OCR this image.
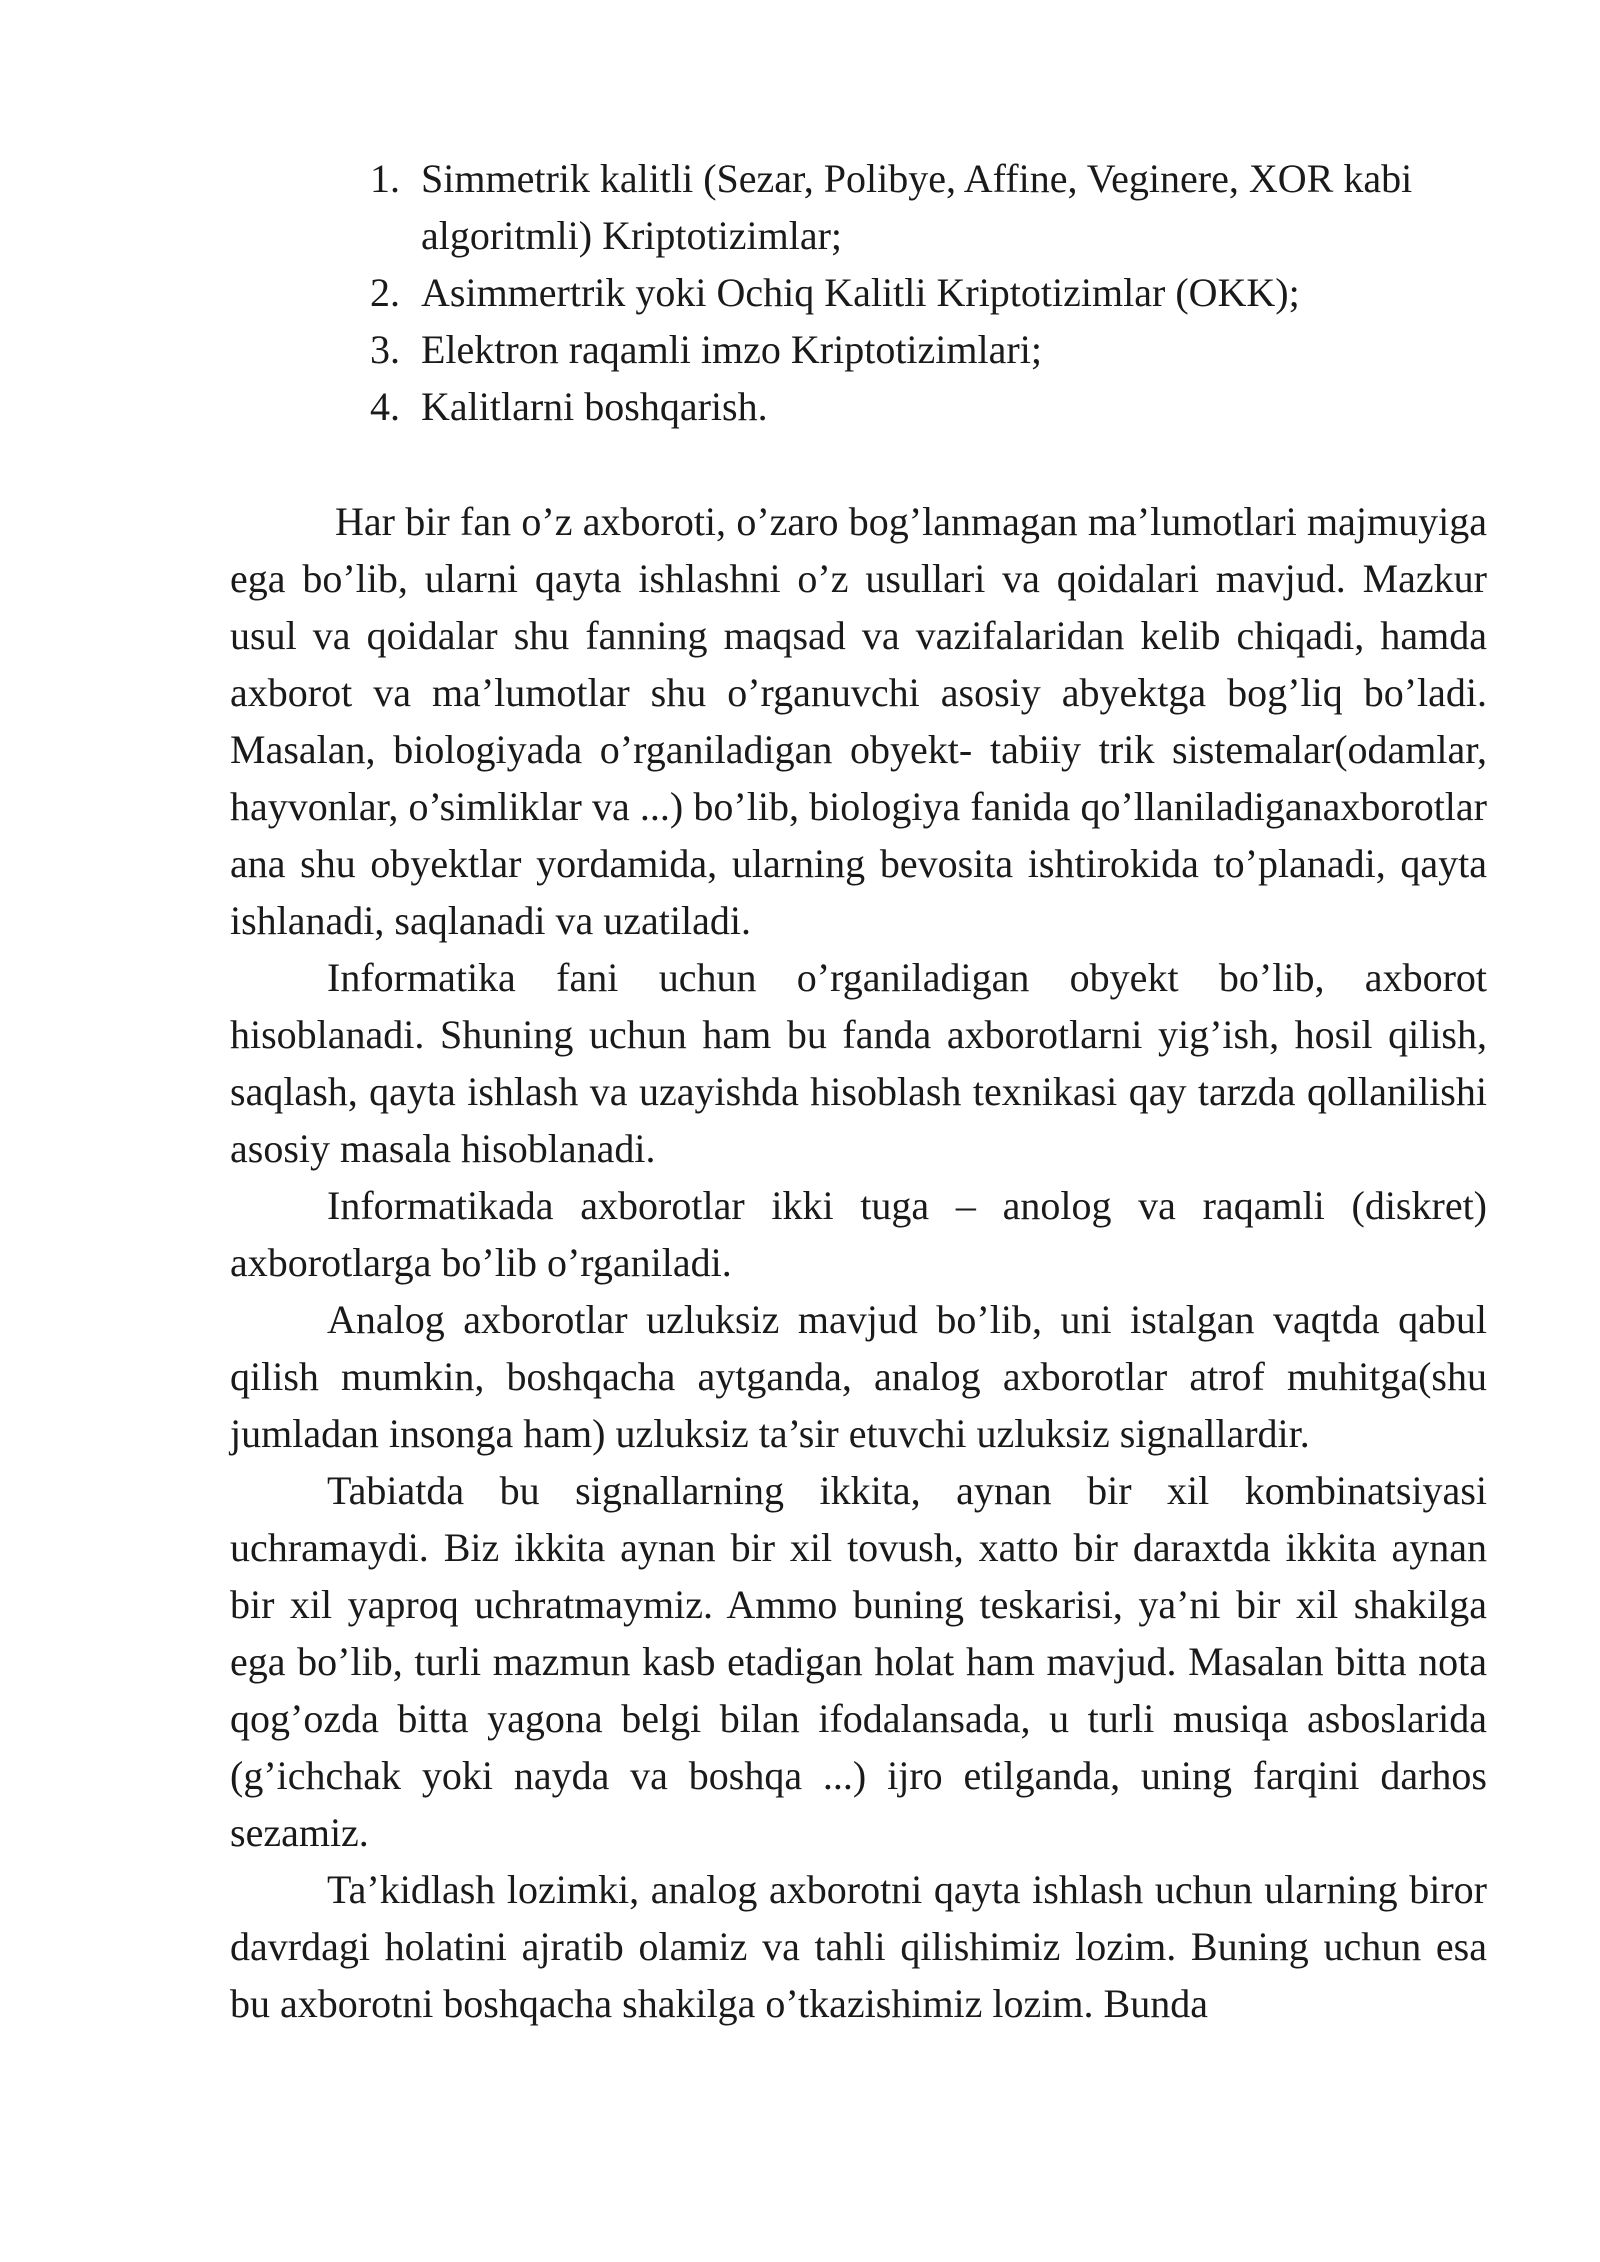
1. Simmetrik kalitli (Sezar, Polibye, Affine, Veginere, XOR kabi algoritmli) Kriptotizimlar;
2. Asimmertrik yoki Ochiq Kalitli Kriptotizimlar (OKK);
3. Elektron raqamli imzo Kriptotizimlari;
4. Kalitlarni boshqarish.

Har bir fan o’z axboroti, o’zaro bog’lanmagan ma’lumotlari majmuyiga ega bo’lib, ularni qayta ishlashni o’z usullari va qoidalari mavjud. Mazkur usul va qoidalar shu fanning maqsad va vazifalaridan kelib chiqadi, hamda axborot va ma’lumotlar shu o’rganuvchi asosiy abyektga bog’liq bo’ladi. Masalan, biologiyada o’rganiladigan obyekt- tabiiy trik sistemalar(odamlar, hayvonlar, o’simliklar va ...) bo’lib, biologiya fanida qo’llaniladiganaxborotlar ana shu obyektlar yordamida, ularning bevosita ishtirokida to’planadi, qayta ishlanadi, saqlanadi va uzatiladi.

Informatika fani uchun o’rganiladigan obyekt bo’lib, axborot hisoblanadi. Shuning uchun ham bu fanda axborotlarni yig’ish, hosil qilish, saqlash, qayta ishlash va uzayishda hisoblash texnikasi qay tarzda qollanilishi asosiy masala hisoblanadi.

Informatikada axborotlar ikki tuga – anolog va raqamli (diskret) axborotlarga bo’lib o’rganiladi.

Analog axborotlar uzluksiz mavjud bo’lib, uni istalgan vaqtda qabul qilish mumkin, boshqacha aytganda, analog axborotlar atrof muhitga(shu jumladan insonga ham) uzluksiz ta’sir etuvchi uzluksiz signallardir.

Tabiatda bu signallarning ikkita, aynan bir xil kombinatsiyasi uchramaydi. Biz ikkita aynan bir xil tovush, xatto bir daraxtda ikkita aynan bir xil yaproq uchratmaymiz. Ammo buning teskarisi, ya’ni bir xil shakilga ega bo’lib, turli mazmun kasb etadigan holat ham mavjud. Masalan bitta nota qog’ozda bitta yagona belgi bilan ifodalansada, u turli musiqa asboslarida (g’ichchak yoki nayda va boshqa ...) ijro etilganda, uning farqini darhos sezamiz.

Ta’kidlash lozimki, analog axborotni qayta ishlash uchun ularning biror davrdagi holatini ajratib olamiz va tahli qilishimiz lozim. Buning uchun esa bu axborotni boshqacha shakilga o’tkazishimiz lozim. Bunda
